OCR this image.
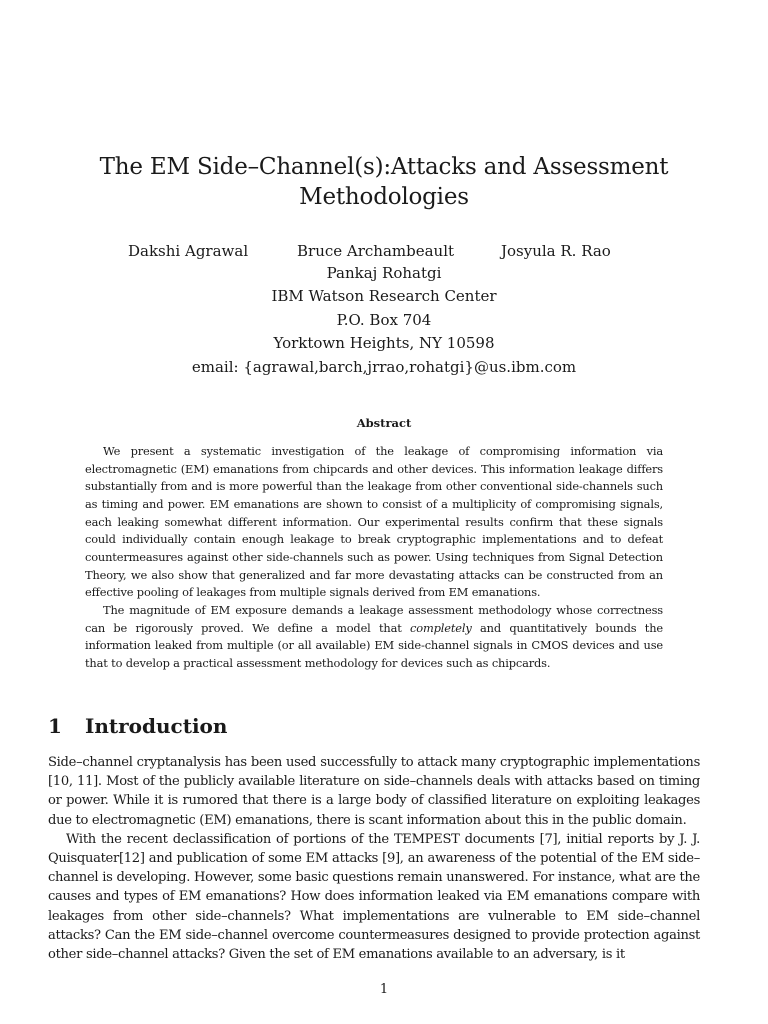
The EM Side–Channel(s):Attacks and Assessment Methodologies
Dakshi Agrawal	Bruce Archambeault	Josyula R. Rao
Pankaj Rohatgi
IBM Watson Research Center
P.O. Box 704
Yorktown Heights, NY 10598
email: {agrawal,barch,jrrao,rohatgi}@us.ibm.com
Abstract

We present a systematic investigation of the leakage of compromising information via electromagnetic (EM) emanations from chipcards and other devices. This information leakage differs substantially from and is more powerful than the leakage from other conventional side-channels such as timing and power. EM emanations are shown to consist of a multiplicity of compromising signals, each leaking somewhat different information. Our experimental results confirm that these signals could individually contain enough leakage to break cryptographic implementations and to defeat countermeasures against other side-channels such as power. Using techniques from Signal Detection Theory, we also show that generalized and far more devastating attacks can be constructed from an effective pooling of leakages from multiple signals derived from EM emanations.

The magnitude of EM exposure demands a leakage assessment methodology whose correctness can be rigorously proved. We define a model that completely and quantitatively bounds the information leaked from multiple (or all available) EM side-channel signals in CMOS devices and use that to develop a practical assessment methodology for devices such as chipcards.

1 Introduction

Side–channel cryptanalysis has been used successfully to attack many cryptographic implementations [10, 11]. Most of the publicly available literature on side–channels deals with attacks based on timing or power. While it is rumored that there is a large body of classified literature on exploiting leakages due to electromagnetic (EM) emanations, there is scant information about this in the public domain.

With the recent declassification of portions of the TEMPEST documents [7], initial reports by J. J. Quisquater[12] and publication of some EM attacks [9], an awareness of the potential of the EM side–channel is developing. However, some basic questions remain unanswered. For instance, what are the causes and types of EM emanations? How does information leaked via EM emanations compare with leakages from other side–channels? What implementations are vulnerable to EM side–channel attacks? Can the EM side–channel overcome countermeasures designed to provide protection against other side–channel attacks? Given the set of EM emanations available to an adversary, is it

1
